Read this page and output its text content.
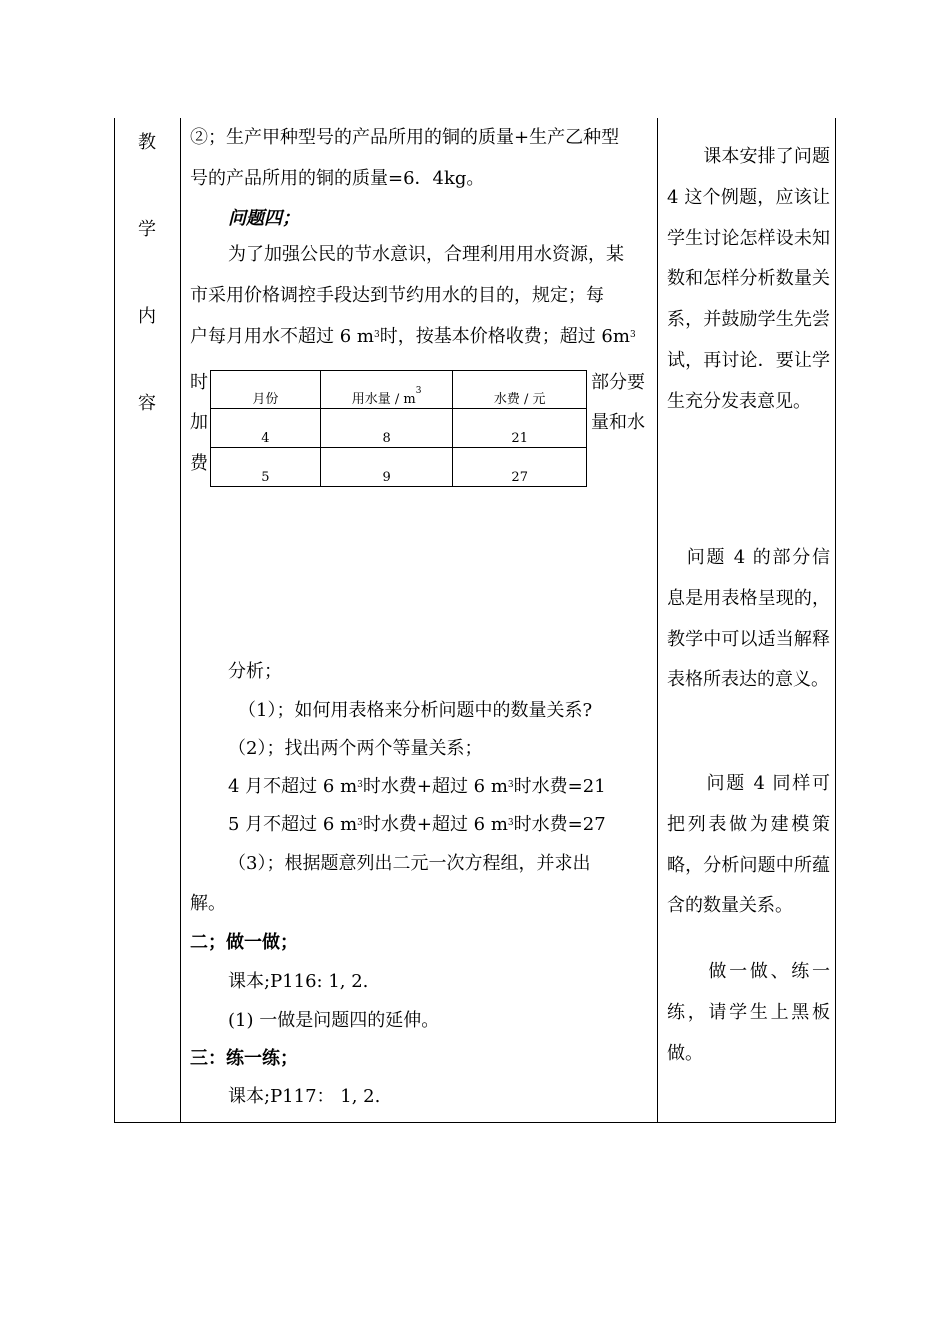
教
学
内
容
②；生产甲种型号的产品所用的铜的质量+生产乙种型
号的产品所用的铜的质量=6．4kg。
问题四；
为了加强公民的节水意识，合理利用用水资源，某
市采用价格调控手段达到节约用水的目的，规定；每
户每月用水不超过 6 $m^3$时，按基本价格收费；超过 $6m^3$
时
加
费
部分要
量和水
月份	用水量 / $m^3$	水费 / 元
4	8	21
5	9	27
分析；
（1）；如何用表格来分析问题中的数量关系?
（2）；找出两个两个等量关系；
4 月不超过 6 $m^3$时水费+超过 6 $m^3$时水费=21
5 月不超过 6 $m^3$时水费+超过 6 $m^3$时水费=27
（3）；根据题意列出二元一次方程组，并求出
解。
二；做一做；
课本;P116: 1, 2.
(1) 一做是问题四的延伸。
三：练一练；
课本;P117： 1, 2.
　　课本安排了问题 4 这个例题，应该让学生讨论怎样设未知数和怎样分析数量关系，并鼓励学生先尝试，再讨论．要让学生充分发表意见。
　问题 4 的部分信息是用表格呈现的，教学中可以适当解释表格所表达的意义。
　　问题 4 同样可把列表做为建模策略，分析问题中所蕴含的数量关系。
　　做一做、练一练，请学生上黑板做。
